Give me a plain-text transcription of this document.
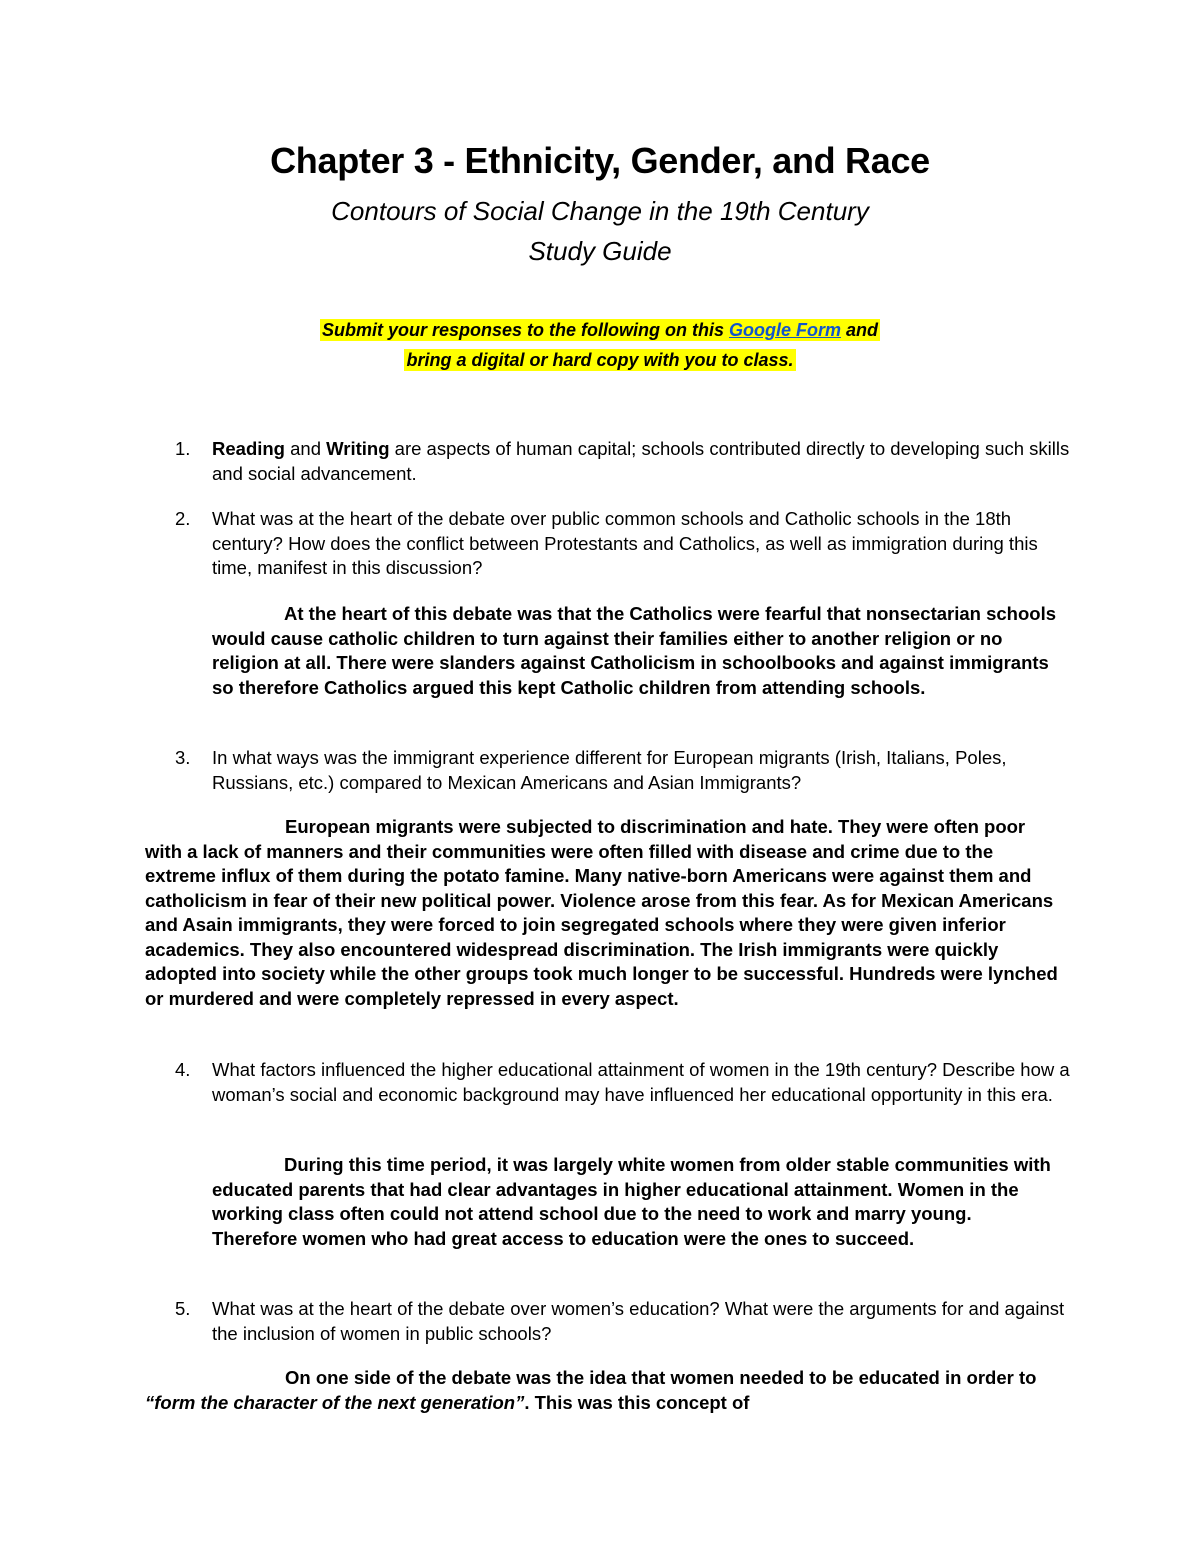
Chapter 3 - Ethnicity, Gender, and Race
Contours of Social Change in the 19th Century
Study Guide
Submit your responses to the following on this Google Form and
bring a digital or hard copy with you to class.
1.	Reading and Writing are aspects of human capital; schools contributed directly to developing such skills and social advancement.
2.	What was at the heart of the debate over public common schools and Catholic schools in the 18th century? How does the conflict between Protestants and Catholics, as well as immigration during this time, manifest in this discussion?

At the heart of this debate was that the Catholics were fearful that nonsectarian schools would cause catholic children to turn against their families either to another religion or no religion at all. There were slanders against Catholicism in schoolbooks and against immigrants so therefore Catholics argued this kept Catholic children from attending schools.

3.	In what ways was the immigrant experience different for European migrants (Irish, Italians, Poles, Russians, etc.) compared to Mexican Americans and Asian Immigrants?

European migrants were subjected to discrimination and hate. They were often poor with a lack of manners and their communities were often filled with disease and crime due to the extreme influx of them during the potato famine. Many native-born Americans were against them and catholicism in fear of their new political power. Violence arose from this fear. As for Mexican Americans and Asain immigrants, they were forced to join segregated schools where they were given inferior academics. They also encountered widespread discrimination. The Irish immigrants were quickly adopted into society while the other groups took much longer to be successful. Hundreds were lynched or murdered and were completely repressed in every aspect.

4.	What factors influenced the higher educational attainment of women in the 19th century? Describe how a woman’s social and economic background may have influenced her educational opportunity in this era.

During this time period, it was largely white women from older stable communities with educated parents that had clear advantages in higher educational attainment. Women in the working class often could not attend school due to the need to work and marry young. Therefore women who had great access to education were the ones to succeed.

5.	What was at the heart of the debate over women’s education? What were the arguments for and against the inclusion of women in public schools?

On one side of the debate was the idea that women needed to be educated in order to “form the character of the next generation”. This was this concept of
